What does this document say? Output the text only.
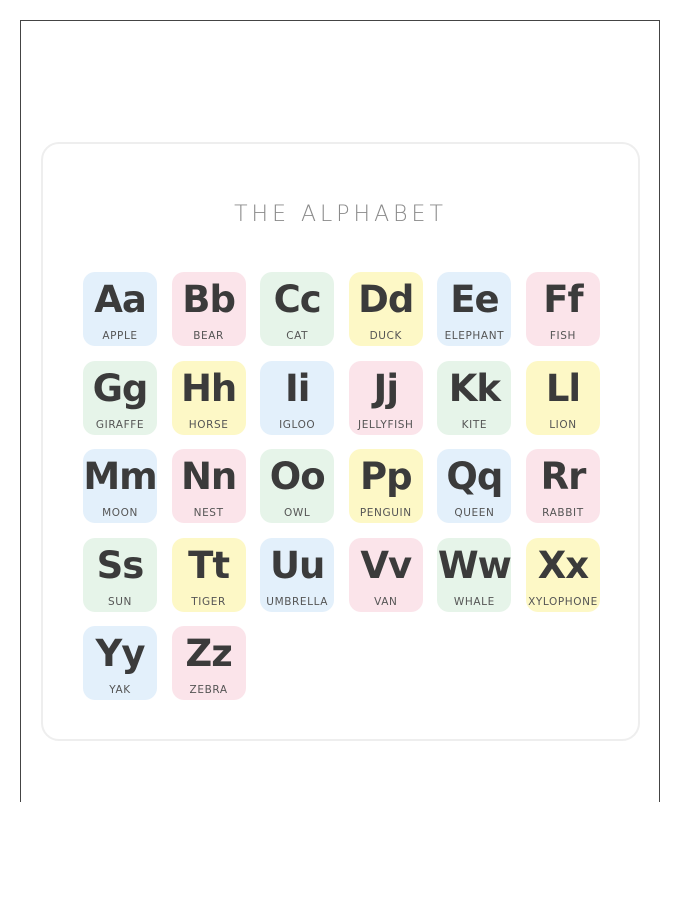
THE ALPHABET
Aa
APPLE
Bb
BEAR
Cc
CAT
Dd
DUCK
Ee
ELEPHANT
Ff
FISH
Gg
GIRAFFE
Hh
HORSE
Ii
IGLOO
Jj
JELLYFISH
Kk
KITE
Ll
LION
Mm
MOON
Nn
NEST
Oo
OWL
Pp
PENGUIN
Qq
QUEEN
Rr
RABBIT
Ss
SUN
Tt
TIGER
Uu
UMBRELLA
Vv
VAN
Ww
WHALE
Xx
XYLOPHONE
Yy
YAK
Zz
ZEBRA
